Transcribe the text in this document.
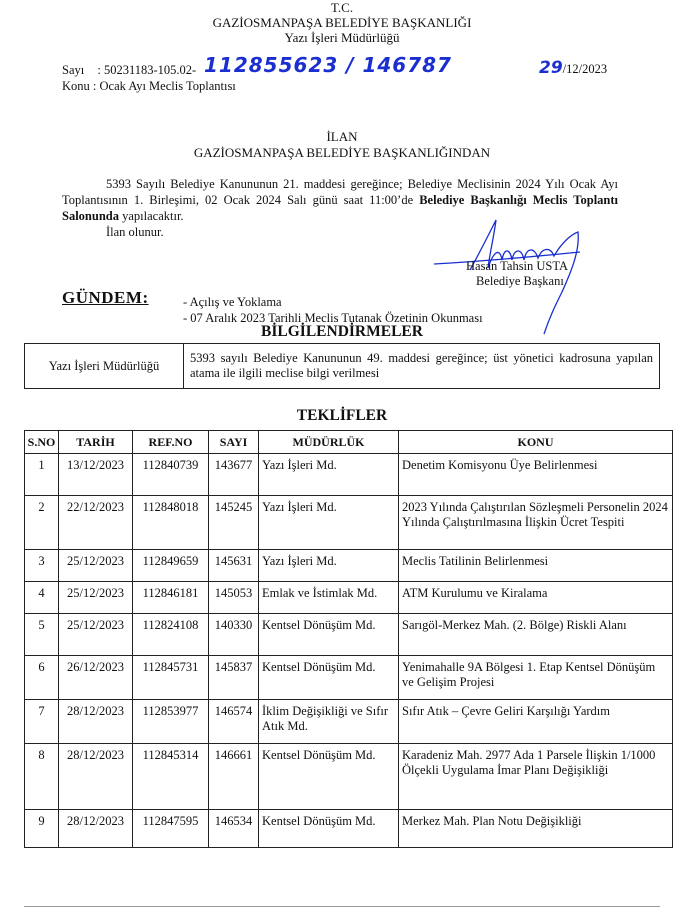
T.C.
GAZİOSMANPAŞA BELEDİYE BAŞKANLIĞI
Yazı İşleri Müdürlüğü
Sayı : 50231183-105.02- 112855623 / 146787	29/12/2023
Konu : Ocak Ayı Meclis Toplantısı
İLAN
GAZİOSMANPAŞA BELEDİYE BAŞKANLIĞINDAN
5393 Sayılı Belediye Kanununun 21. maddesi gereğince; Belediye Meclisinin 2024 Yılı Ocak Ayı Toplantısının 1. Birleşimi, 02 Ocak 2024 Salı günü saat 11:00’de Belediye Başkanlığı Meclis Toplantı Salonunda yapılacaktır.
İlan olunur.
Hasan Tahsin USTA
Belediye Başkanı
GÜNDEM:	- Açılış ve Yoklama
- 07 Aralık 2023 Tarihli Meclis Tutanak Özetinin Okunması
BİLGİLENDİRMELER
Yazı İşleri Müdürlüğü	5393 sayılı Belediye Kanununun 49. maddesi gereğince; üst yönetici kadrosuna yapılan atama ile ilgili meclise bilgi verilmesi
TEKLİFLER
S.NO	TARİH	REF.NO	SAYI	MÜDÜRLÜK	KONU
1	13/12/2023	112840739	143677	Yazı İşleri Md.	Denetim Komisyonu Üye Belirlenmesi
2	22/12/2023	112848018	145245	Yazı İşleri Md.	2023 Yılında Çalıştırılan Sözleşmeli Personelin 2024 Yılında Çalıştırılmasına İlişkin Ücret Tespiti
3	25/12/2023	112849659	145631	Yazı İşleri Md.	Meclis Tatilinin Belirlenmesi
4	25/12/2023	112846181	145053	Emlak ve İstimlak Md.	ATM Kurulumu ve Kiralama
5	25/12/2023	112824108	140330	Kentsel Dönüşüm Md.	Sarıgöl-Merkez Mah. (2. Bölge) Riskli Alanı
6	26/12/2023	112845731	145837	Kentsel Dönüşüm Md.	Yenimahalle 9A Bölgesi 1. Etap Kentsel Dönüşüm ve Gelişim Projesi
7	28/12/2023	112853977	146574	İklim Değişikliği ve Sıfır Atık Md.	Sıfır Atık – Çevre Geliri Karşılığı Yardım
8	28/12/2023	112845314	146661	Kentsel Dönüşüm Md.	Karadeniz Mah. 2977 Ada 1 Parsele İlişkin 1/1000 Ölçekli Uygulama İmar Planı Değişikliği
9	28/12/2023	112847595	146534	Kentsel Dönüşüm Md.	Merkez Mah. Plan Notu Değişikliği
